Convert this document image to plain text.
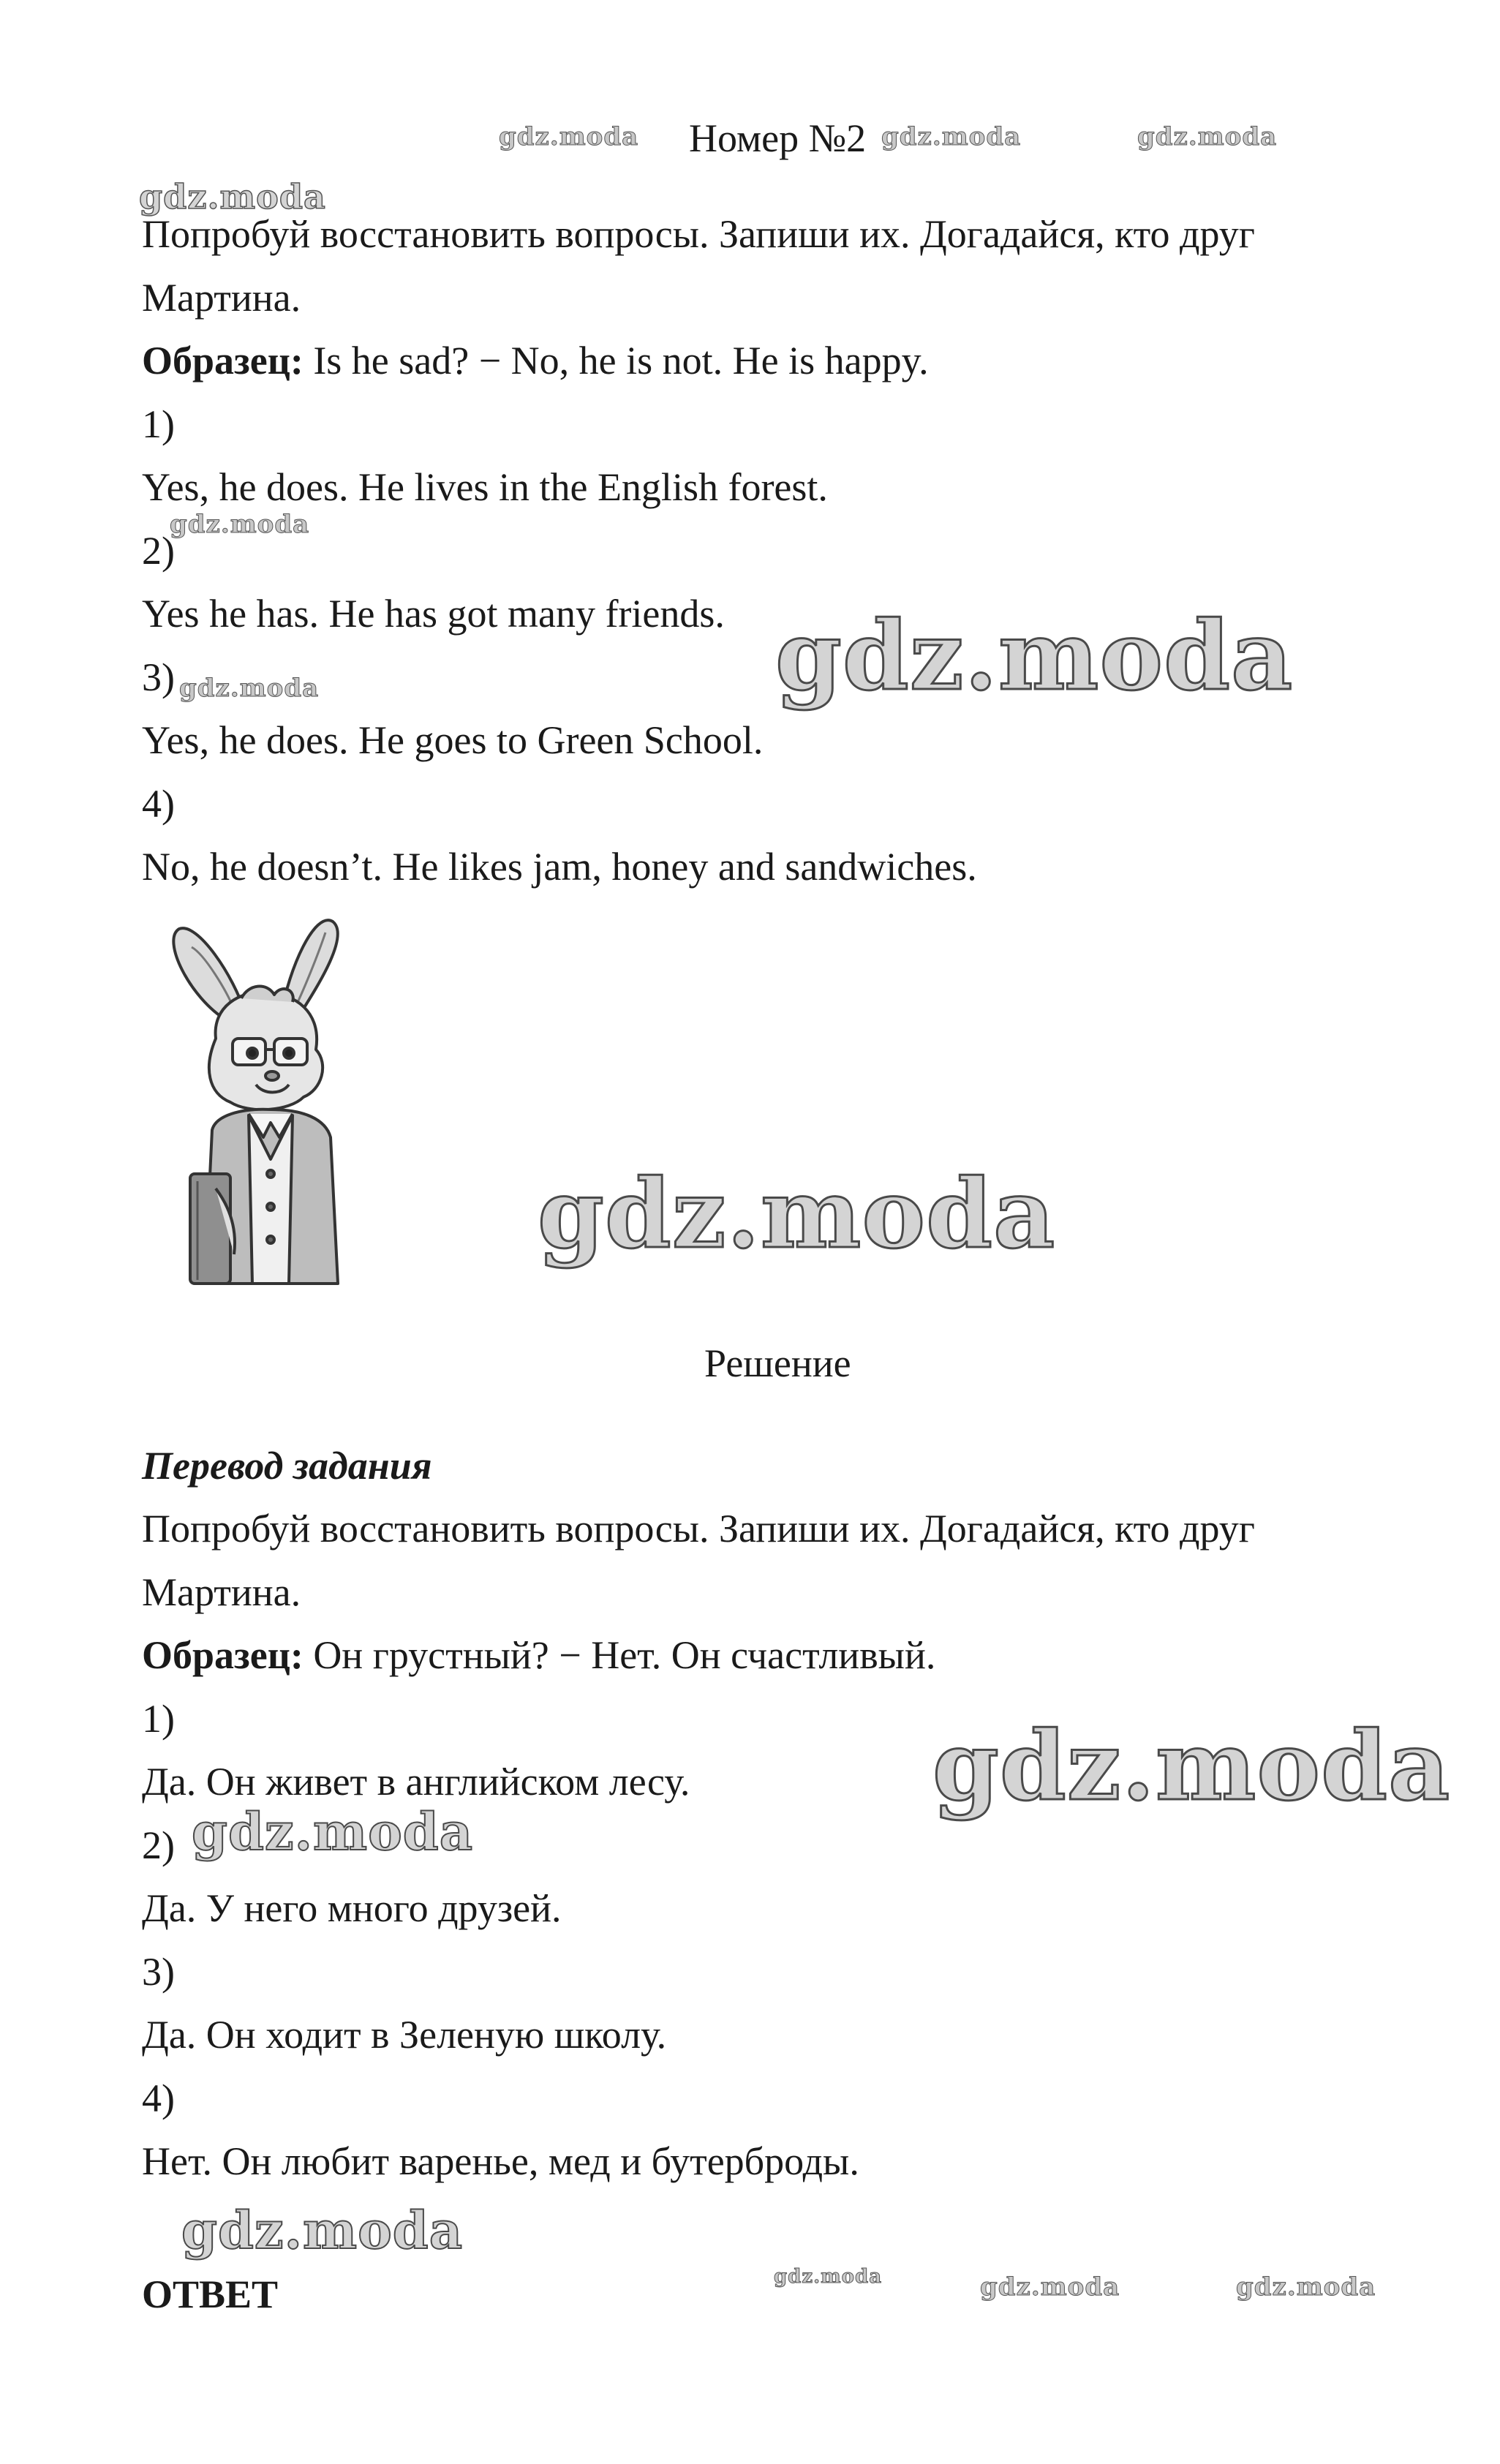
Номер №2
Попробуй восстановить вопросы. Запиши их. Догадайся, кто друг
Мартина.
Образец: Is he sad? − No, he is not. He is happy.
1)
Yes, he does. He lives in the English forest.
2)
Yes he has. He has got many friends.
3)
Yes, he does. He goes to Green School.
4)
No, he doesn’t. He likes jam, honey and sandwiches.
Решение
Перевод задания
Попробуй восстановить вопросы. Запиши их. Догадайся, кто друг
Мартина.
Образец: Он грустный? − Нет. Он счастливый.
1)
Да. Он живет в английском лесу.
2)
Да. У него много друзей.
3)
Да. Он ходит в Зеленую школу.
4)
Нет. Он любит варенье, мед и бутерброды.
ОТВЕТ
gdz.moda	gdz.moda	gdz.moda
gdz.moda
gdz.moda
gdz.moda	gdz.moda
gdz.moda
gdz.moda
gdz.moda
gdz.moda
gdz.moda	gdz.moda	gdz.moda
